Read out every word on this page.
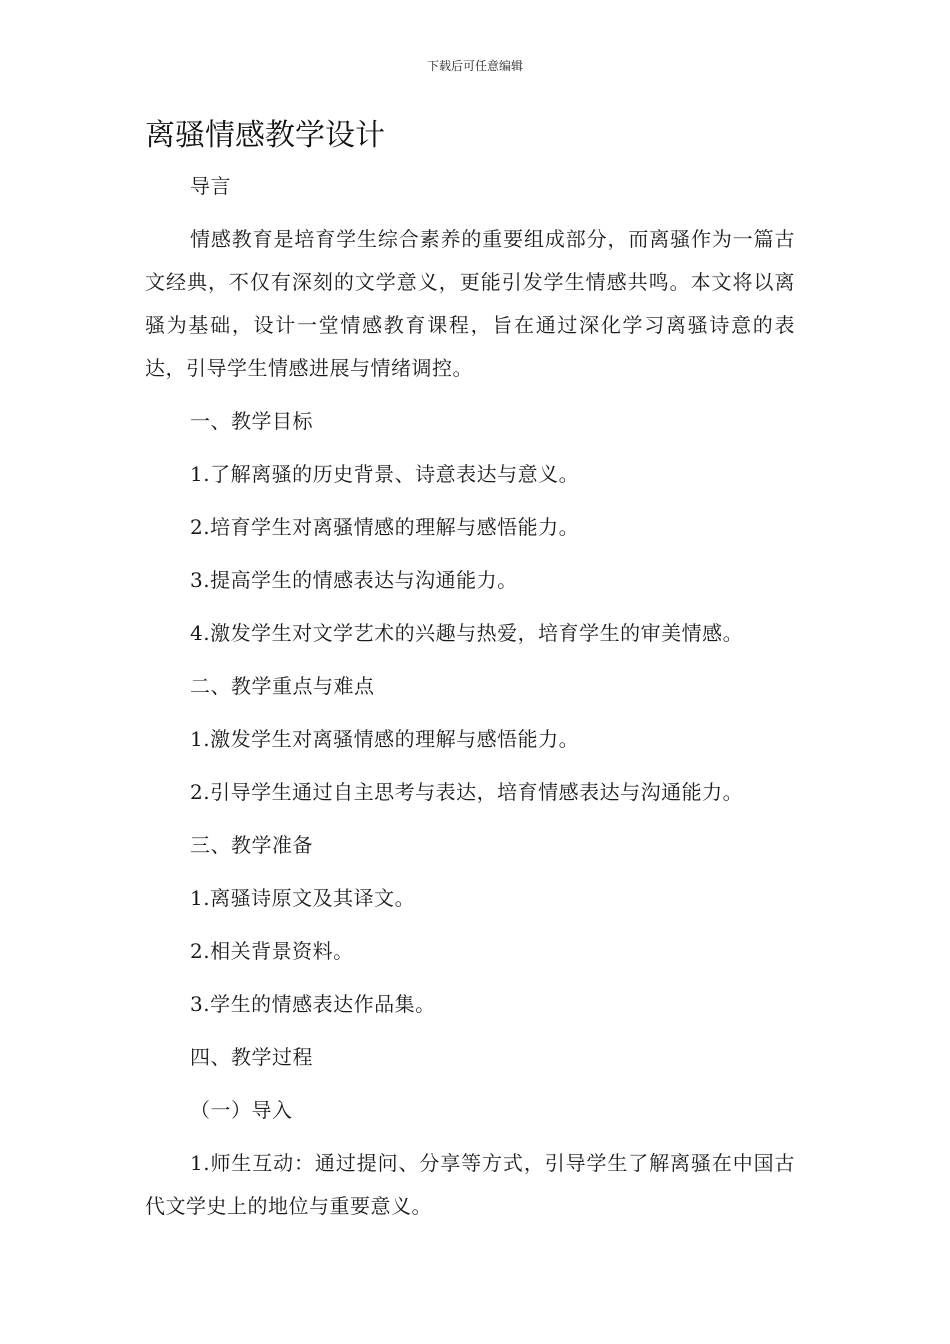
下载后可任意编辑
离骚情感教学设计

导言

情感教育是培育学生综合素养的重要组成部分，而离骚作为一篇古文经典，不仅有深刻的文学意义，更能引发学生情感共鸣。本文将以离骚为基础，设计一堂情感教育课程，旨在通过深化学习离骚诗意的表达，引导学生情感进展与情绪调控。

一、教学目标

1.了解离骚的历史背景、诗意表达与意义。

2.培育学生对离骚情感的理解与感悟能力。

3.提高学生的情感表达与沟通能力。

4.激发学生对文学艺术的兴趣与热爱，培育学生的审美情感。

二、教学重点与难点

1.激发学生对离骚情感的理解与感悟能力。

2.引导学生通过自主思考与表达，培育情感表达与沟通能力。

三、教学准备

1.离骚诗原文及其译文。

2.相关背景资料。

3.学生的情感表达作品集。

四、教学过程

（一）导入

1.师生互动：通过提问、分享等方式，引导学生了解离骚在中国古代文学史上的地位与重要意义。
